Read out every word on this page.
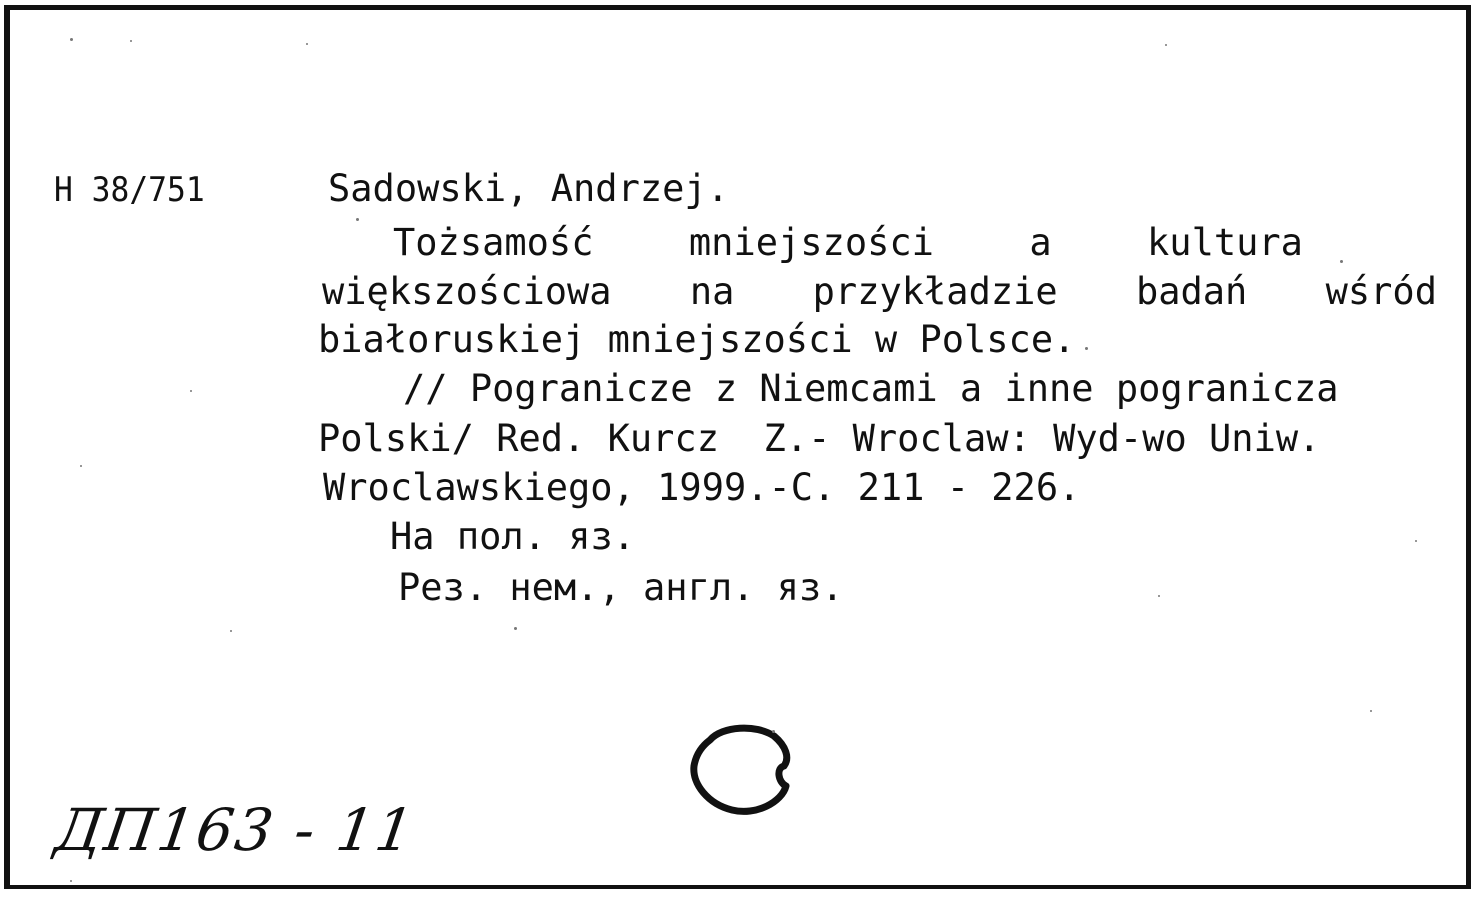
Н 38/751	Sadowski, Andrzej.
Tożsamość	mniejszości	a	kultura
większościowa na przykładzie badań wśród
białoruskiej mniejszości w Polsce.
// Pogranicze z Niemcami a inne pogranicza
Polski/ Red. Kurcz  Z.- Wroclaw: Wyd-wo Uniw.
Wroclawskiego, 1999.-C. 211 - 226.
На пол. яз.
Рез. нем., англ. яз.
ДП163 - 11
